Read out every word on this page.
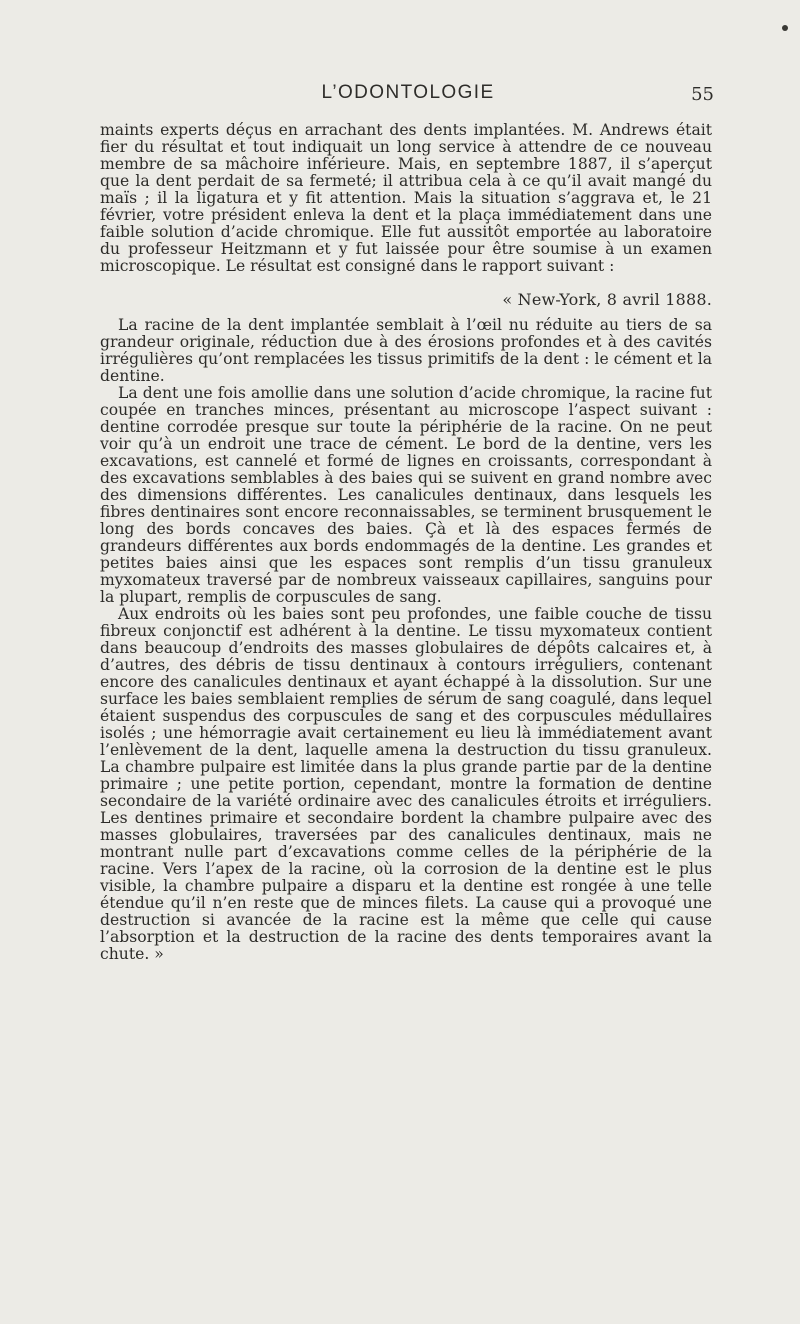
L’ODONTOLOGIE	55

maints experts déçus en arrachant des dents implantées. M. Andrews était fier du résultat et tout indiquait un long service à attendre de ce nouveau membre de sa mâchoire inférieure. Mais, en septembre 1887, il s’aperçut que la dent perdait de sa fermeté; il attribua cela à ce qu’il avait mangé du maïs ; il la ligatura et y fit attention. Mais la situation s’aggrava et, le 21 février, votre président enleva la dent et la plaça immédiatement dans une faible solution d’acide chromique. Elle fut aussitôt emportée au laboratoire du professeur Heitzmann et y fut laissée pour être soumise à un examen microscopique. Le résultat est consigné dans le rapport suivant :

« New-York, 8 avril 1888.

La racine de la dent implantée semblait à l’œil nu réduite au tiers de sa grandeur originale, réduction due à des érosions profondes et à des cavités irrégulières qu’ont remplacées les tissus primitifs de la dent : le cément et la dentine.

La dent une fois amollie dans une solution d’acide chromique, la racine fut coupée en tranches minces, présentant au microscope l’aspect suivant : dentine corrodée presque sur toute la périphérie de la racine. On ne peut voir qu’à un endroit une trace de cément. Le bord de la dentine, vers les excavations, est cannelé et formé de lignes en croissants, correspondant à des excavations semblables à des baies qui se suivent en grand nombre avec des dimensions différentes. Les canalicules dentinaux, dans lesquels les fibres dentinaires sont encore reconnaissables, se terminent brusquement le long des bords concaves des baies. Çà et là des espaces fermés de grandeurs différentes aux bords endommagés de la dentine. Les grandes et petites baies ainsi que les espaces sont remplis d’un tissu granuleux myxomateux traversé par de nombreux vaisseaux capillaires, sanguins pour la plupart, remplis de corpuscules de sang.

Aux endroits où les baies sont peu profondes, une faible couche de tissu fibreux conjonctif est adhérent à la dentine. Le tissu myxomateux contient dans beaucoup d’endroits des masses globulaires de dépôts calcaires et, à d’autres, des débris de tissu dentinaux à contours irréguliers, contenant encore des canalicules dentinaux et ayant échappé à la dissolution. Sur une surface les baies semblaient remplies de sérum de sang coagulé, dans lequel étaient suspendus des corpuscules de sang et des corpuscules médullaires isolés ; une hémorragie avait certainement eu lieu là immédiatement avant l’enlèvement de la dent, laquelle amena la destruction du tissu granuleux. La chambre pulpaire est limitée dans la plus grande partie par de la dentine primaire ; une petite portion, cependant, montre la formation de dentine secondaire de la variété ordinaire avec des canalicules étroits et irréguliers. Les dentines primaire et secondaire bordent la chambre pulpaire avec des masses globulaires, traversées par des canalicules dentinaux, mais ne montrant nulle part d’excavations comme celles de la périphérie de la racine. Vers l’apex de la racine, où la corrosion de la dentine est le plus visible, la chambre pulpaire a disparu et la dentine est rongée à une telle étendue qu’il n’en reste que de minces filets. La cause qui a provoqué une destruction si avancée de la racine est la même que celle qui cause l’absorption et la destruction de la racine des dents temporaires avant la chute. »
